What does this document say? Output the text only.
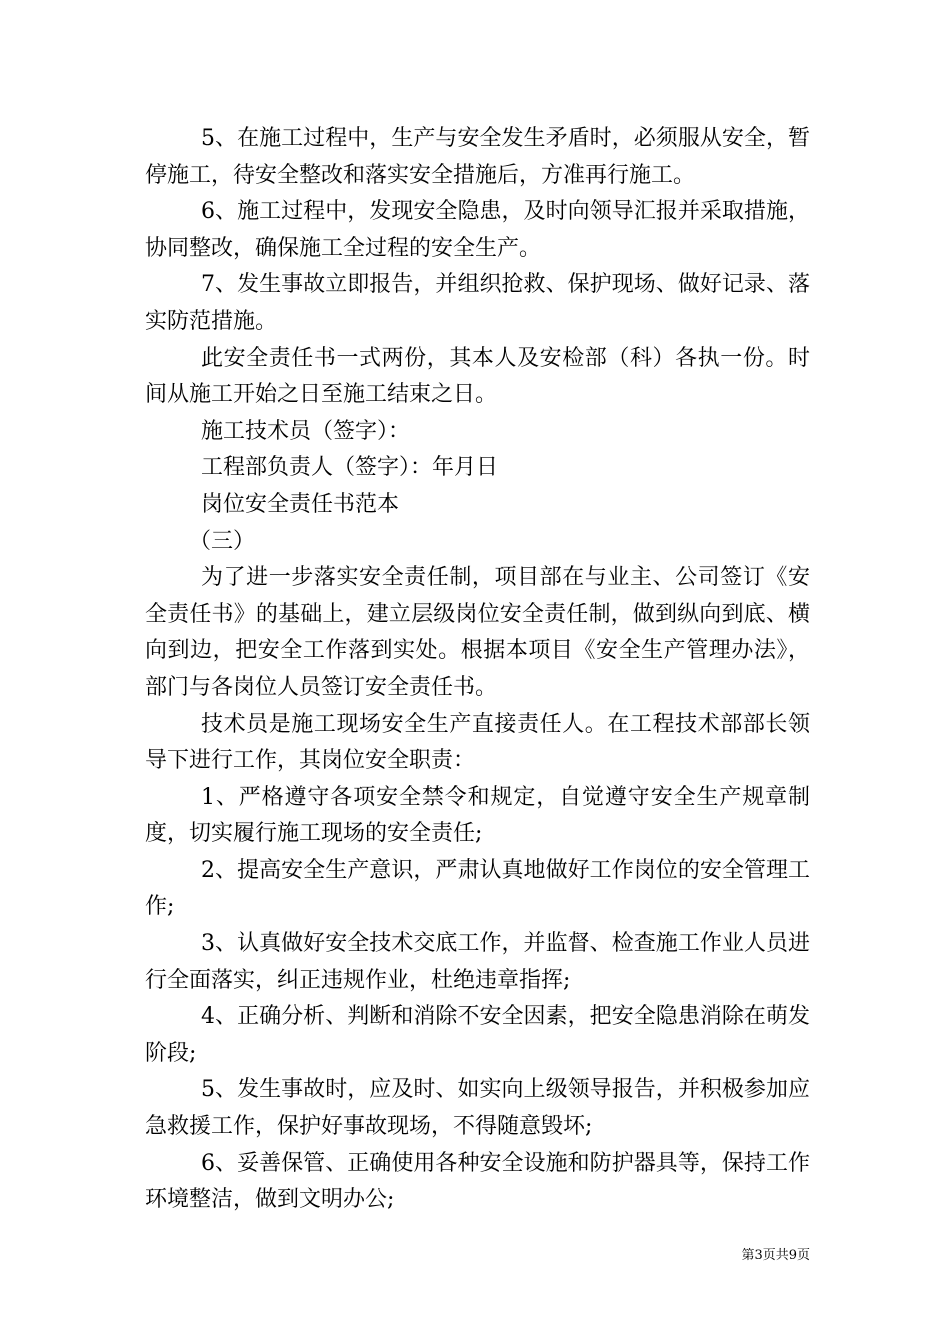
5、在施工过程中，生产与安全发生矛盾时，必须服从安全，暂停施工，待安全整改和落实安全措施后，方准再行施工。

6、施工过程中，发现安全隐患，及时向领导汇报并采取措施，协同整改，确保施工全过程的安全生产。

7、发生事故立即报告，并组织抢救、保护现场、做好记录、落实防范措施。

此安全责任书一式两份，其本人及安检部（科）各执一份。时间从施工开始之日至施工结束之日。

施工技术员（签字）：

工程部负责人（签字）：年月日

岗位安全责任书范本

（三）

为了进一步落实安全责任制，项目部在与业主、公司签订《安全责任书》的基础上，建立层级岗位安全责任制，做到纵向到底、横向到边，把安全工作落到实处。根据本项目《安全生产管理办法》，部门与各岗位人员签订安全责任书。

技术员是施工现场安全生产直接责任人。在工程技术部部长领导下进行工作，其岗位安全职责：

1、严格遵守各项安全禁令和规定，自觉遵守安全生产规章制度，切实履行施工现场的安全责任;

2、提高安全生产意识，严肃认真地做好工作岗位的安全管理工作;

3、认真做好安全技术交底工作，并监督、检查施工作业人员进行全面落实，纠正违规作业，杜绝违章指挥;

4、正确分析、判断和消除不安全因素，把安全隐患消除在萌发阶段;

5、发生事故时，应及时、如实向上级领导报告，并积极参加应急救援工作，保护好事故现场，不得随意毁坏;

6、妥善保管、正确使用各种安全设施和防护器具等，保持工作环境整洁，做到文明办公;

第3页共9页
